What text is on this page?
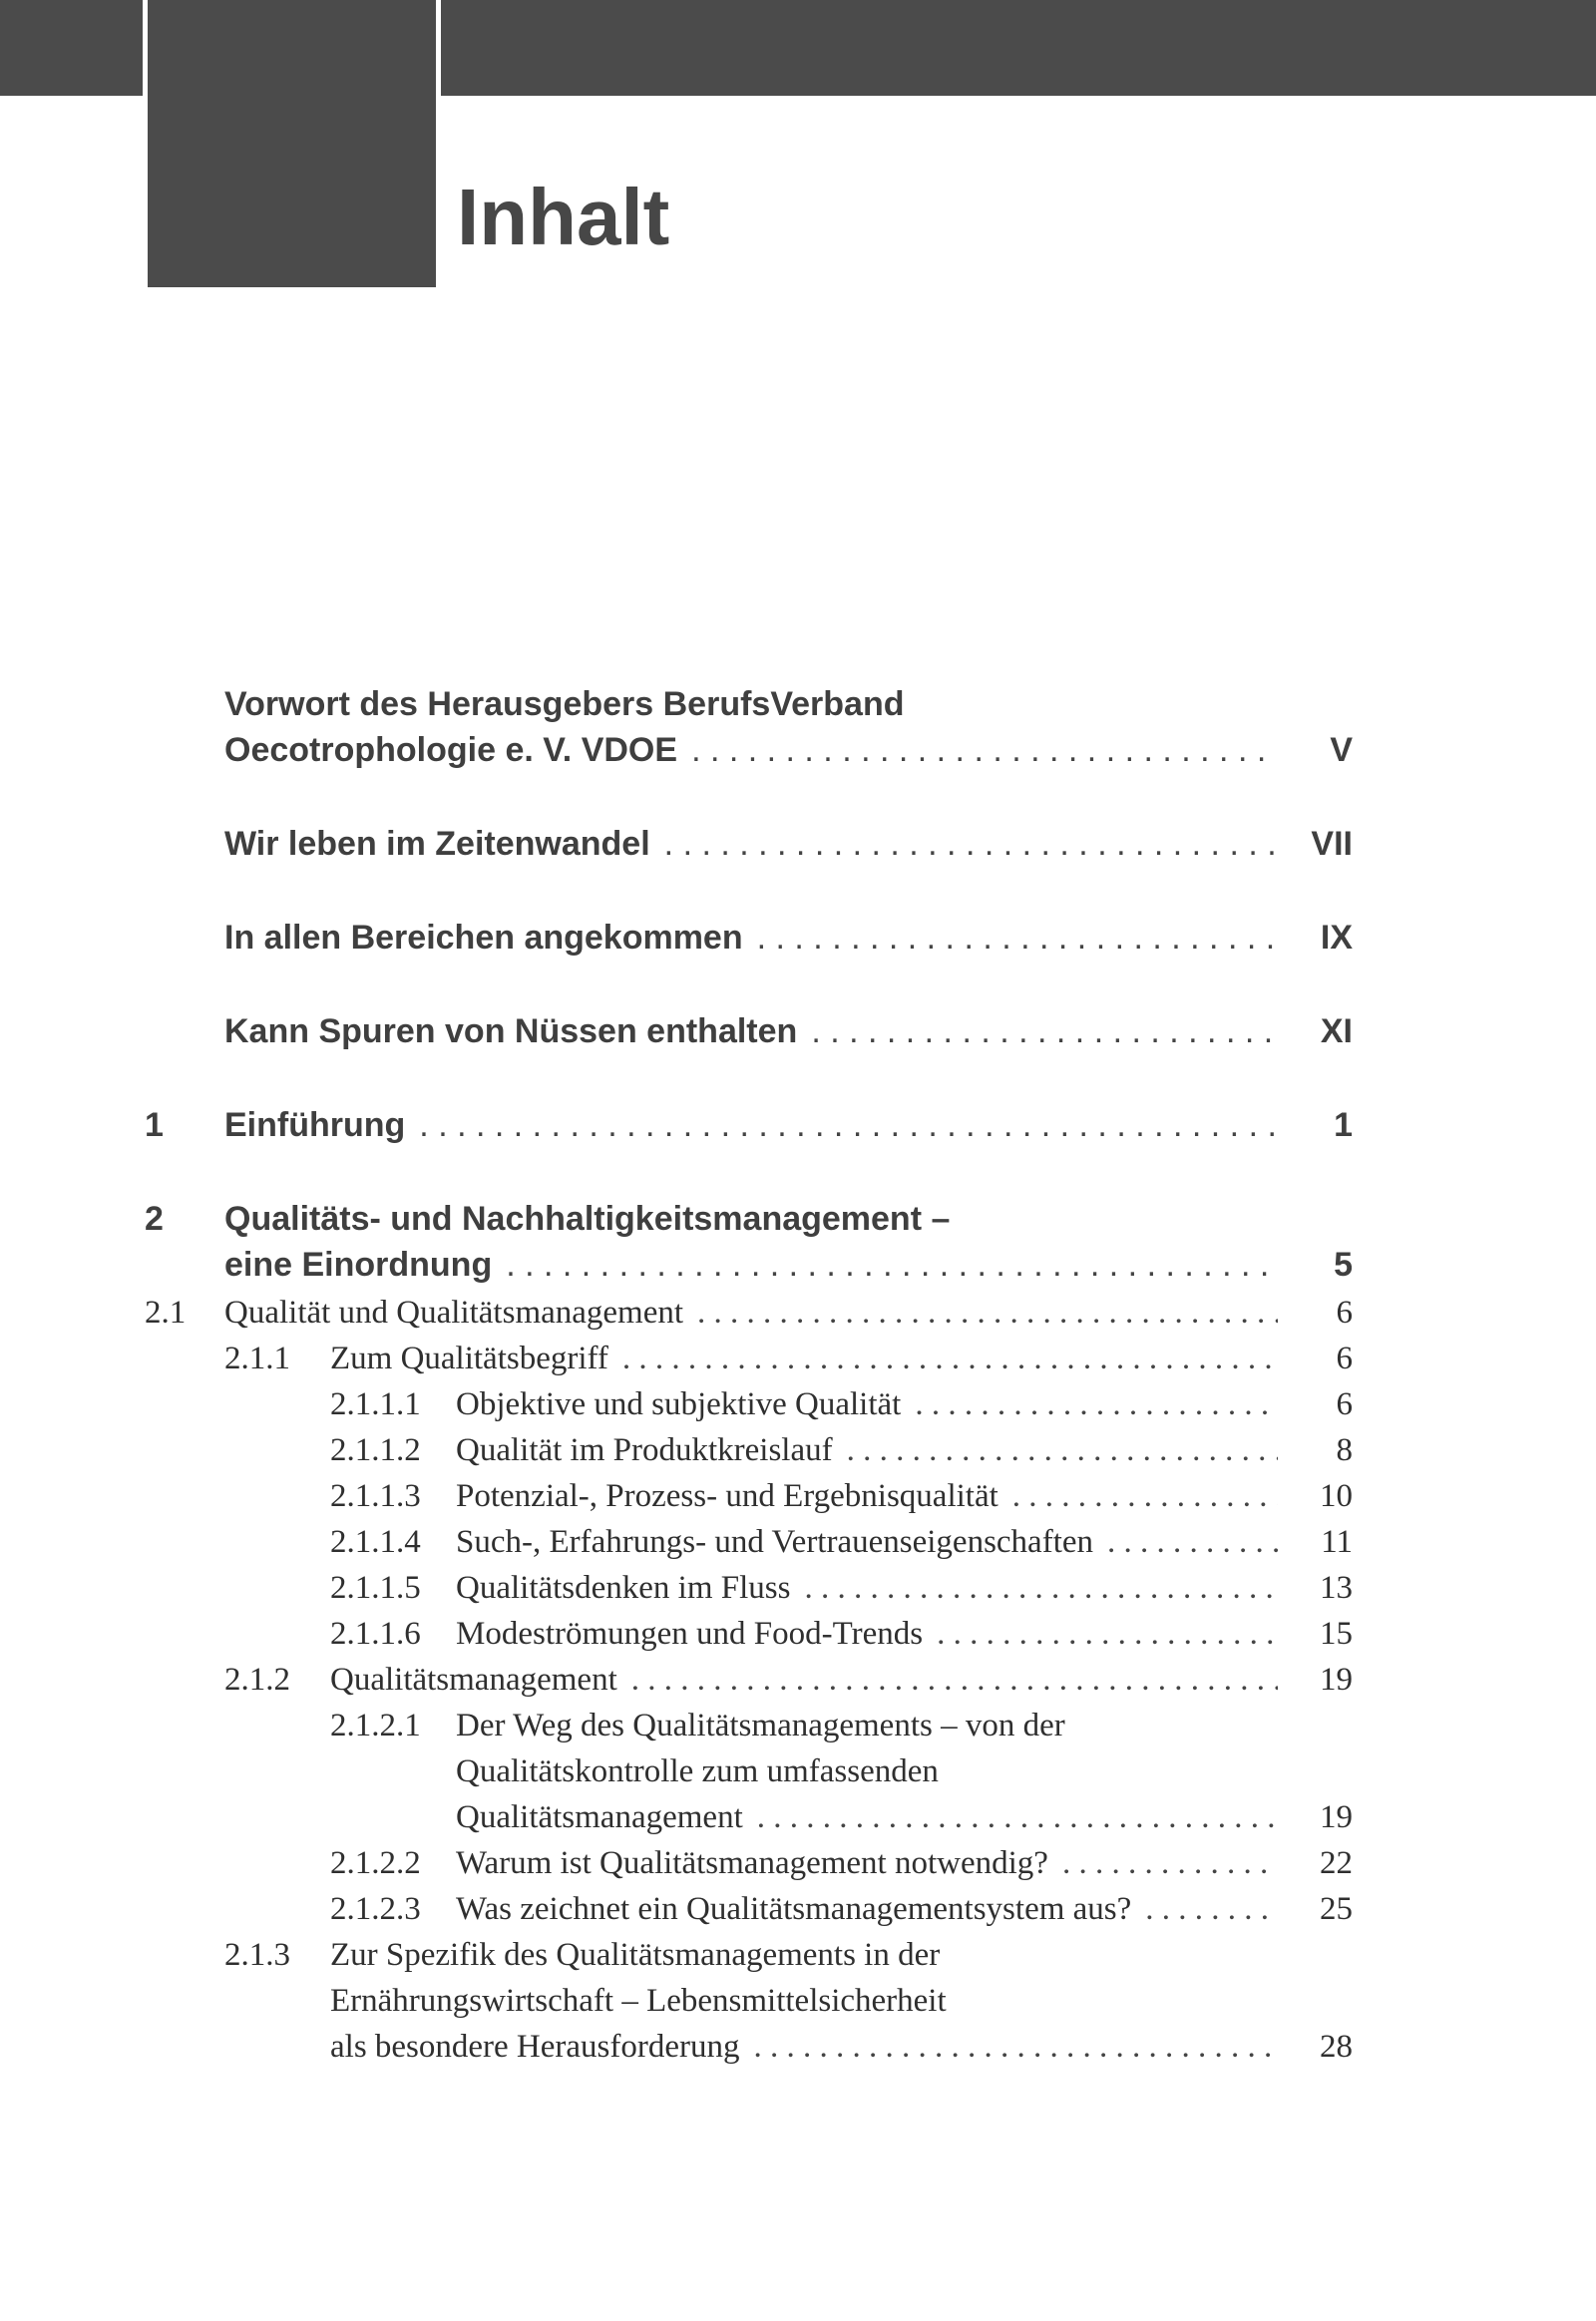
Inhalt
Vorwort des Herausgebers BerufsVerband
Oecotrophologie e. V. VDOE . . .	V
Wir leben im Zeitenwandel . . .	VII
In allen Bereichen angekommen . . .	IX
Kann Spuren von Nüssen enthalten . . .	XI
1	Einführung . . .	1
2	Qualitäts- und Nachhaltigkeitsmanagement –
eine Einordnung . . .	5
2.1	Qualität und Qualitätsmanagement . . .	6
2.1.1	Zum Qualitätsbegriff . . .	6
2.1.1.1	Objektive und subjektive Qualität . . .	6
2.1.1.2	Qualität im Produktkreislauf . . .	8
2.1.1.3	Potenzial-, Prozess- und Ergebnisqualität . . .	10
2.1.1.4	Such-, Erfahrungs- und Vertrauenseigenschaften . . .	11
2.1.1.5	Qualitätsdenken im Fluss . . .	13
2.1.1.6	Modeströmungen und Food-Trends . . .	15
2.1.2	Qualitätsmanagement . . .	19
2.1.2.1	Der Weg des Qualitätsmanagements – von der
Qualitätskontrolle zum umfassenden
Qualitätsmanagement . . .	19
2.1.2.2	Warum ist Qualitätsmanagement notwendig? . . .	22
2.1.2.3	Was zeichnet ein Qualitätsmanagementsystem aus? . . .	25
2.1.3	Zur Spezifik des Qualitätsmanagements in der
Ernährungswirtschaft – Lebensmittelsicherheit
als besondere Herausforderung . . .	28
